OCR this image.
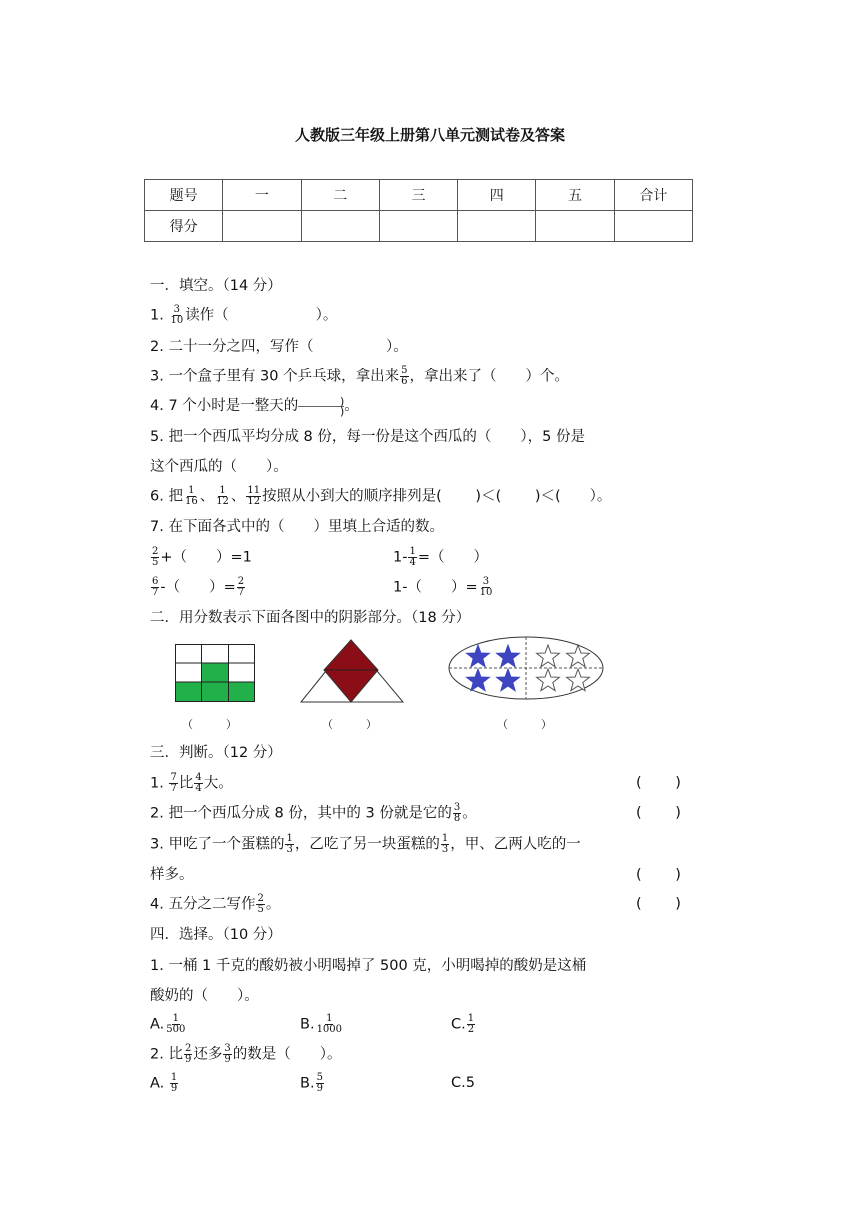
人教版三年级上册第八单元测试卷及答案
题号	一	二	三	四	五	合计
得分						
一．填空。（14 分）
1. $\frac{3}{10}$ 读作（　　　　　　）。
2. 二十一分之四，写作（　　　　　）。
3. 一个盒子里有 30 个乒乓球，拿出来 $\frac{5}{6}$ ，拿出来了（　　）个。
4. 7 个小时是一整天的 $\frac{)}{)}$ 。
5. 把一个西瓜平均分成 8 份，每一份是这个西瓜的（　　），5 份是
这个西瓜的（　　）。
6. 把 $\frac{1}{16}$ 、 $\frac{1}{12}$ 、 $\frac{11}{12}$ 按照从小到大的顺序排列是(　　 )＜(　　 )＜(　　）。
7. 在下面各式中的（　　）里填上合适的数。
$\frac{2}{5}$ +（　　）=1	$1- \frac{1}{4}$ =（　　）
$\frac{6}{7}$ -（　　）= $\frac{2}{7}$	1-（　　）= $\frac{3}{10}$
二．用分数表示下面各图中的阴影部分。（18 分）
（　　　）	（　　　）	（　　　）
三．判断。（12 分）
1. $\frac{7}{7}$ 比 $\frac{4}{4}$ 大。	(　　 )
2. 把一个西瓜分成 8 份，其中的 3 份就是它的 $\frac{3}{8}$ 。	(　　 )
3. 甲吃了一个蛋糕的 $\frac{1}{3}$ ，乙吃了另一块蛋糕的 $\frac{1}{3}$ ，甲、乙两人吃的一
样多。	(　　 )
4. 五分之二写作 $\frac{2}{5}$ 。	(　　 )
四．选择。（10 分）
1. 一桶 1 千克的酸奶被小明喝掉了 500 克，小明喝掉的酸奶是这桶
酸奶的（　　）。
A. $\frac{1}{500}$	B. $\frac{1}{1000}$	C. $\frac{1}{2}$
2. 比 $\frac{2}{9}$ 还多 $\frac{3}{9}$ 的数是（　　）。
A. $\frac{1}{9}$	B. $\frac{5}{9}$	C.5
